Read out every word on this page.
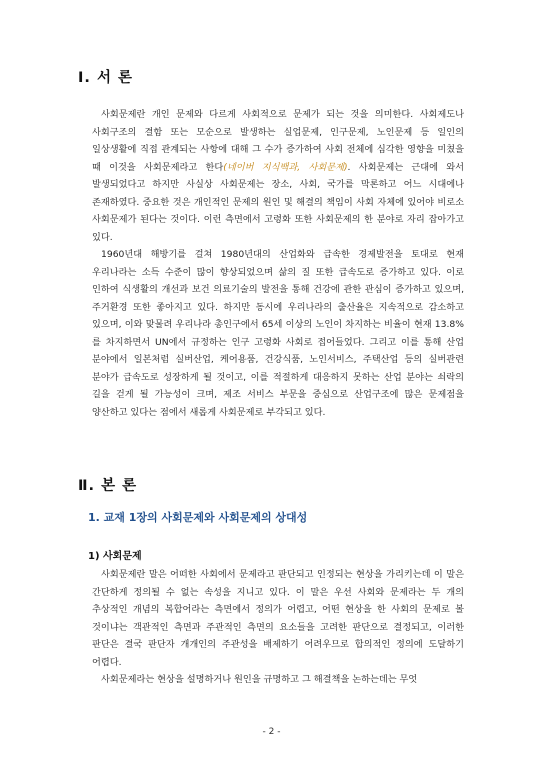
Ⅰ. 서 론

사회문제란 개인 문제와 다르게 사회적으로 문제가 되는 것을 의미한다. 사회제도나 사회구조의 결함 또는 모순으로 발생하는 실업문제, 인구문제, 노인문제 등 일인의 일상생활에 직접 관계되는 사항에 대해 그 수가 증가하여 사회 전체에 심각한 영향을 미쳤을 때 이것을 사회문제라고 한다(네이버 지식백과, 사회문제). 사회문제는 근대에 와서 발생되었다고 하지만 사실상 사회문제는 장소, 사회, 국가를 막론하고 어느 시대에나 존재하였다. 중요한 것은 개인적인 문제의 원인 및 해결의 책임이 사회 자체에 있어야 비로소 사회문제가 된다는 것이다. 이런 측면에서 고령화 또한 사회문제의 한 분야로 자리 잡아가고 있다.

1960년대 해방기를 걸쳐 1980년대의 산업화와 급속한 경제발전을 토대로 현재 우리나라는 소득 수준이 많이 향상되었으며 삶의 질 또한 급속도로 증가하고 있다. 이로 인하여 식생활의 개선과 보건 의료기술의 발전을 통해 건강에 관한 관심이 증가하고 있으며, 주거환경 또한 좋아지고 있다. 하지만 동시에 우리나라의 출산율은 지속적으로 감소하고 있으며, 이와 맞물려 우리나라 총인구에서 65세 이상의 노인이 차지하는 비율이 현재 13.8%를 차지하면서 UN에서 규정하는 인구 고령화 사회로 접어들었다. 그리고 이를 통해 산업 분야에서 일본처럼 실버산업, 케어용품, 건강식품, 노인서비스, 주택산업 등의 실버관련 분야가 급속도로 성장하게 될 것이고, 이를 적절하게 대응하지 못하는 산업 분야는 쇠락의 길을 걷게 될 가능성이 크며, 제조 서비스 부문을 중심으로 산업구조에 많은 문제점을 양산하고 있다는 점에서 새롭게 사회문제로 부각되고 있다.

Ⅱ. 본 론
1. 교재 1장의 사회문제와 사회문제의 상대성
1) 사회문제

사회문제란 말은 어떠한 사회에서 문제라고 판단되고 인정되는 현상을 가리키는데 이 말은 간단하게 정의될 수 없는 속성을 지니고 있다. 이 말은 우선 사회와 문제라는 두 개의 추상적인 개념의 복합어라는 측면에서 정의가 어렵고, 어떤 현상을 한 사회의 문제로 볼 것이냐는 객관적인 측면과 주관적인 측면의 요소들을 고려한 판단으로 결정되고, 이러한 판단은 결국 판단자 개개인의 주관성을 배제하기 어려우므로 합의적인 정의에 도달하기 어렵다.

사회문제라는 현상을 설명하거나 원인을 규명하고 그 해결책을 논하는데는 무엇

- 2 -
